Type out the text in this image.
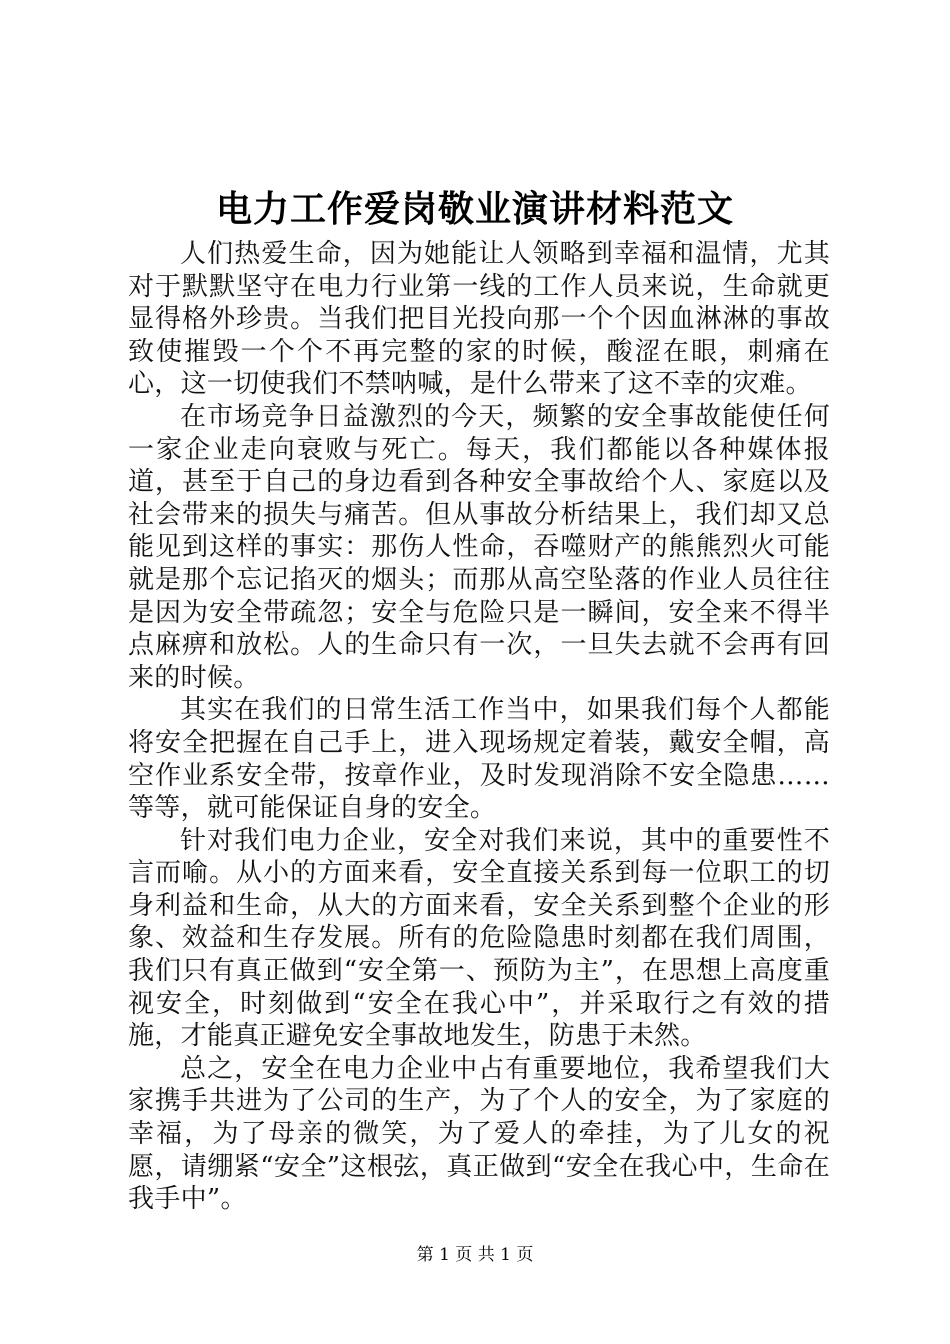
电力工作爱岗敬业演讲材料范文

人们热爱生命，因为她能让人领略到幸福和温情，尤其对于默默坚守在电力行业第一线的工作人员来说，生命就更显得格外珍贵。当我们把目光投向那一个个因血淋淋的事故致使摧毁一个个不再完整的家的时候，酸涩在眼，刺痛在心，这一切使我们不禁呐喊，是什么带来了这不幸的灾难。

在市场竞争日益激烈的今天，频繁的安全事故能使任何一家企业走向衰败与死亡。每天，我们都能以各种媒体报道，甚至于自己的身边看到各种安全事故给个人、家庭以及社会带来的损失与痛苦。但从事故分析结果上，我们却又总能见到这样的事实：那伤人性命，吞噬财产的熊熊烈火可能就是那个忘记掐灭的烟头；而那从高空坠落的作业人员往往是因为安全带疏忽；安全与危险只是一瞬间，安全来不得半点麻痹和放松。人的生命只有一次，一旦失去就不会再有回来的时候。

其实在我们的日常生活工作当中，如果我们每个人都能将安全把握在自己手上，进入现场规定着装，戴安全帽，高空作业系安全带，按章作业，及时发现消除不安全隐患……等等，就可能保证自身的安全。

针对我们电力企业，安全对我们来说，其中的重要性不言而喻。从小的方面来看，安全直接关系到每一位职工的切身利益和生命，从大的方面来看，安全关系到整个企业的形象、效益和生存发展。所有的危险隐患时刻都在我们周围，我们只有真正做到“安全第一、预防为主”，在思想上高度重视安全，时刻做到“安全在我心中”，并采取行之有效的措施，才能真正避免安全事故地发生，防患于未然。

总之，安全在电力企业中占有重要地位，我希望我们大家携手共进为了公司的生产，为了个人的安全，为了家庭的幸福，为了母亲的微笑，为了爱人的牵挂，为了儿女的祝愿，请绷紧“安全”这根弦，真正做到“安全在我心中，生命在我手中”。

第 1 页 共 1 页
